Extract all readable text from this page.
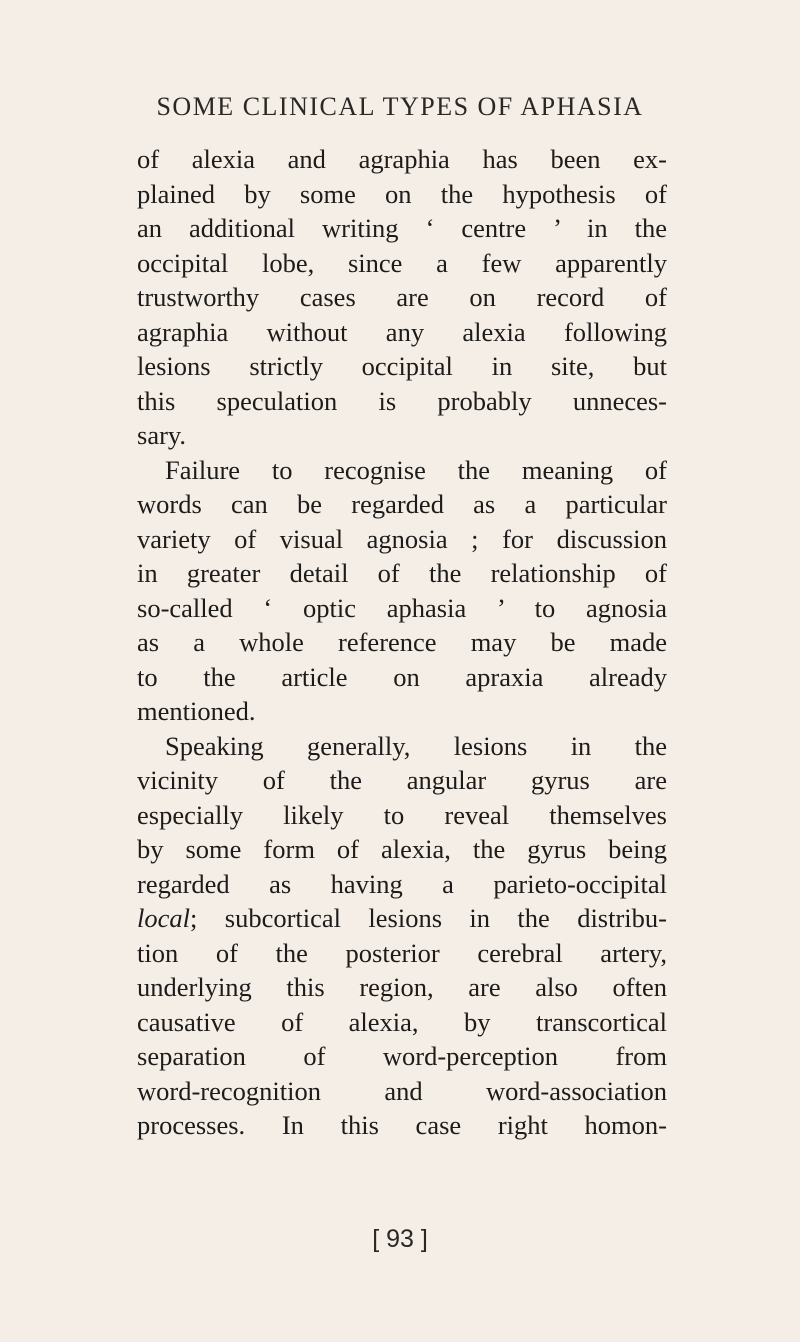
SOME CLINICAL TYPES OF APHASIA

of alexia and agraphia has been ex-
plained by some on the hypothesis of
an additional writing ‘ centre ’ in the
occipital lobe, since a few apparently
trustworthy cases are on record of
agraphia without any alexia following
lesions strictly occipital in site, but
this speculation is probably unneces-
sary.
Failure to recognise the meaning of
words can be regarded as a particular
variety of visual agnosia ; for discussion
in greater detail of the relationship of
so-called ‘ optic aphasia ’ to agnosia
as a whole reference may be made
to the article on apraxia already
mentioned.
Speaking generally, lesions in the
vicinity of the angular gyrus are
especially likely to reveal themselves
by some form of alexia, the gyrus being
regarded as having a parieto-occipital
local; subcortical lesions in the distribu-
tion of the posterior cerebral artery,
underlying this region, are also often
causative of alexia, by transcortical
separation of word-perception from
word-recognition and word-association
processes. In this case right homon-

[ 93 ]
